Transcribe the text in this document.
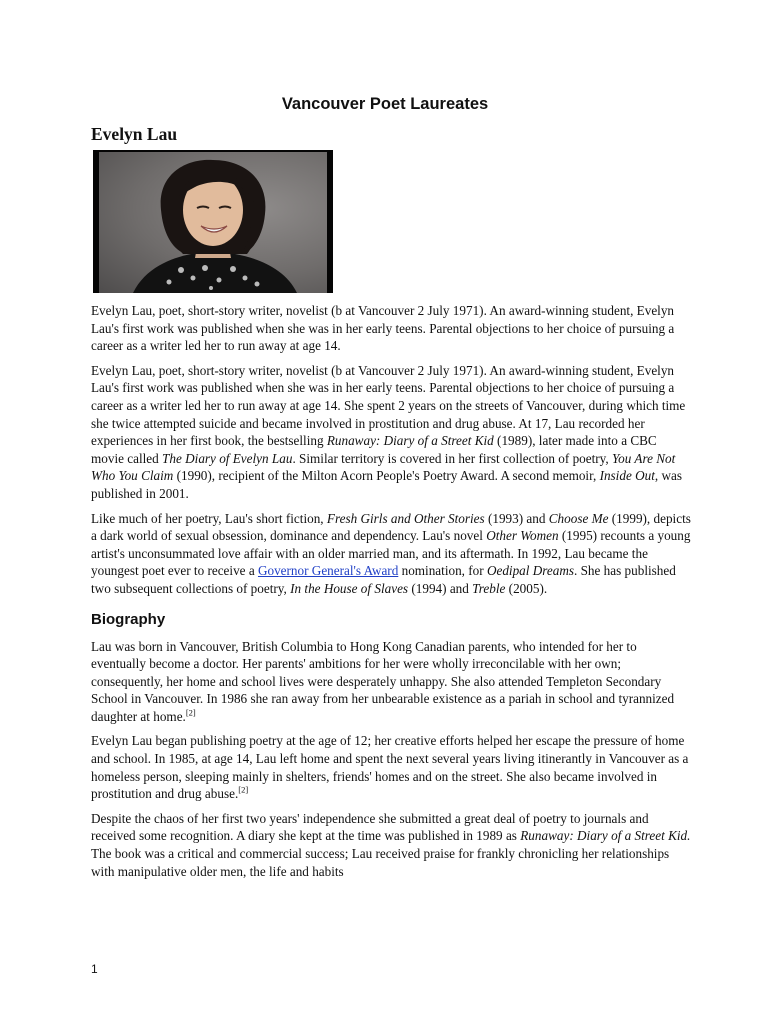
Vancouver Poet Laureates
Evelyn Lau

Evelyn Lau, poet, short-story writer, novelist (b at Vancouver 2 July 1971). An award-winning student, Evelyn Lau's first work was published when she was in her early teens. Parental objections to her choice of pursuing a career as a writer led her to run away at age 14.

Evelyn Lau, poet, short-story writer, novelist (b at Vancouver 2 July 1971). An award-winning student, Evelyn Lau's first work was published when she was in her early teens. Parental objections to her choice of pursuing a career as a writer led her to run away at age 14. She spent 2 years on the streets of Vancouver, during which time she twice attempted suicide and became involved in prostitution and drug abuse. At 17, Lau recorded her experiences in her first book, the bestselling Runaway: Diary of a Street Kid (1989), later made into a CBC movie called The Diary of Evelyn Lau. Similar territory is covered in her first collection of poetry, You Are Not Who You Claim (1990), recipient of the Milton Acorn People's Poetry Award. A second memoir, Inside Out, was published in 2001.

Like much of her poetry, Lau's short fiction, Fresh Girls and Other Stories (1993) and Choose Me (1999), depicts a dark world of sexual obsession, dominance and dependency. Lau's novel Other Women (1995) recounts a young artist's unconsummated love affair with an older married man, and its aftermath. In 1992, Lau became the youngest poet ever to receive a Governor General's Award nomination, for Oedipal Dreams. She has published two subsequent collections of poetry, In the House of Slaves (1994) and Treble (2005).

Biography

Lau was born in Vancouver, British Columbia to Hong Kong Canadian parents, who intended for her to eventually become a doctor. Her parents' ambitions for her were wholly irreconcilable with her own; consequently, her home and school lives were desperately unhappy. She also attended Templeton Secondary School in Vancouver. In 1986 she ran away from her unbearable existence as a pariah in school and tyrannized daughter at home.[2]

Evelyn Lau began publishing poetry at the age of 12; her creative efforts helped her escape the pressure of home and school. In 1985, at age 14, Lau left home and spent the next several years living itinerantly in Vancouver as a homeless person, sleeping mainly in shelters, friends' homes and on the street. She also became involved in prostitution and drug abuse.[2]

Despite the chaos of her first two years' independence she submitted a great deal of poetry to journals and received some recognition. A diary she kept at the time was published in 1989 as Runaway: Diary of a Street Kid. The book was a critical and commercial success; Lau received praise for frankly chronicling her relationships with manipulative older men, the life and habits

1
